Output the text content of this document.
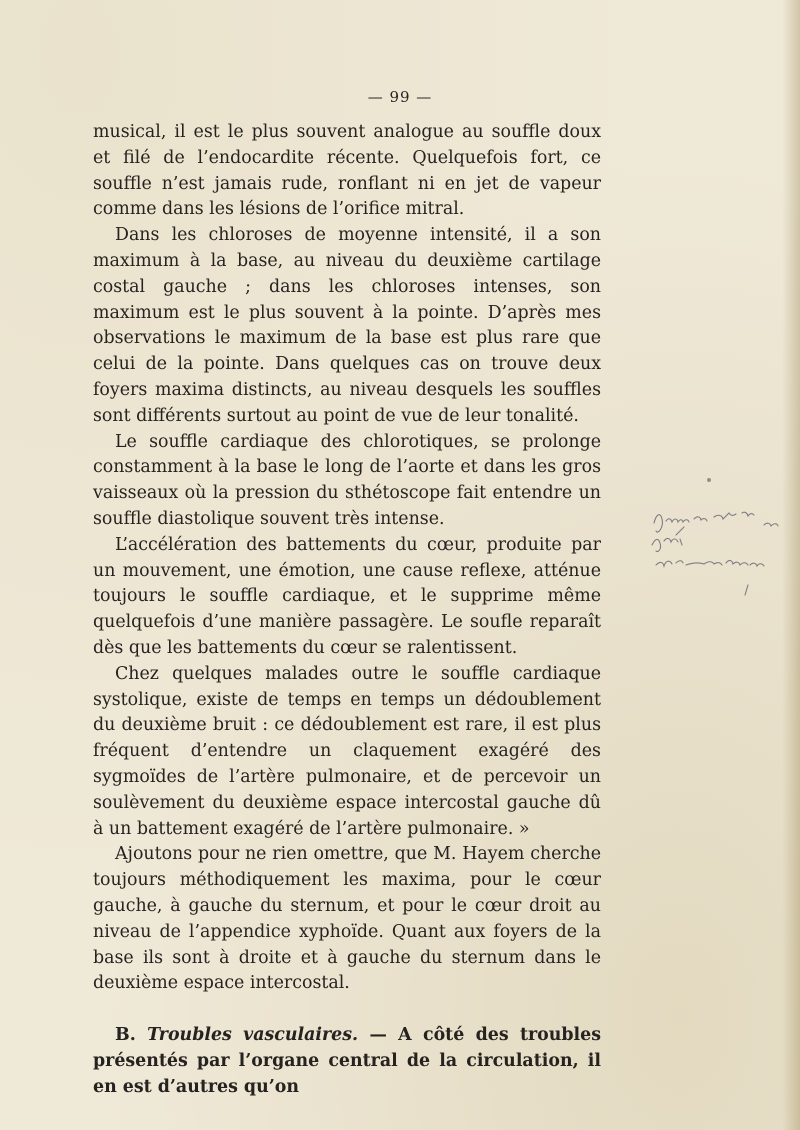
— 99 —

musical, il est le plus souvent analogue au souffle doux et filé de l’endocardite récente. Quelquefois fort, ce souffle n’est jamais rude, ronflant ni en jet de vapeur comme dans les lésions de l’orifice mitral.

Dans les chloroses de moyenne intensité, il a son maximum à la base, au niveau du deuxième cartilage costal gauche ; dans les chloroses intenses, son maximum est le plus souvent à la pointe. D’après mes observations le maximum de la base est plus rare que celui de la pointe. Dans quelques cas on trouve deux foyers maxima distincts, au niveau desquels les souffles sont différents surtout au point de vue de leur tonalité.

Le souffle cardiaque des chlorotiques, se prolonge constamment à la base le long de l’aorte et dans les gros vaisseaux où la pression du sthétoscope fait entendre un souffle diastolique souvent très intense.

L’accélération des battements du cœur, produite par un mouvement, une émotion, une cause reflexe, atténue toujours le souffle cardiaque, et le supprime même quelquefois d’une manière passagère. Le soufle reparaît dès que les battements du cœur se ralentissent.

Chez quelques malades outre le souffle cardiaque systolique, existe de temps en temps un dédoublement du deuxième bruit : ce dédoublement est rare, il est plus fréquent d’entendre un claquement exagéré des sygmoïdes de l’artère pulmonaire, et de percevoir un soulèvement du deuxième espace intercostal gauche dû à un battement exagéré de l’artère pulmonaire. »

Ajoutons pour ne rien omettre, que M. Hayem cherche toujours méthodiquement les maxima, pour le cœur gauche, à gauche du sternum, et pour le cœur droit au niveau de l’appendice xyphoïde. Quant aux foyers de la base ils sont à droite et à gauche du sternum dans le deuxième espace intercostal.

B. Troubles vasculaires. — A côté des troubles présentés par l’organe central de la circulation, il en est d’autres qu’on
